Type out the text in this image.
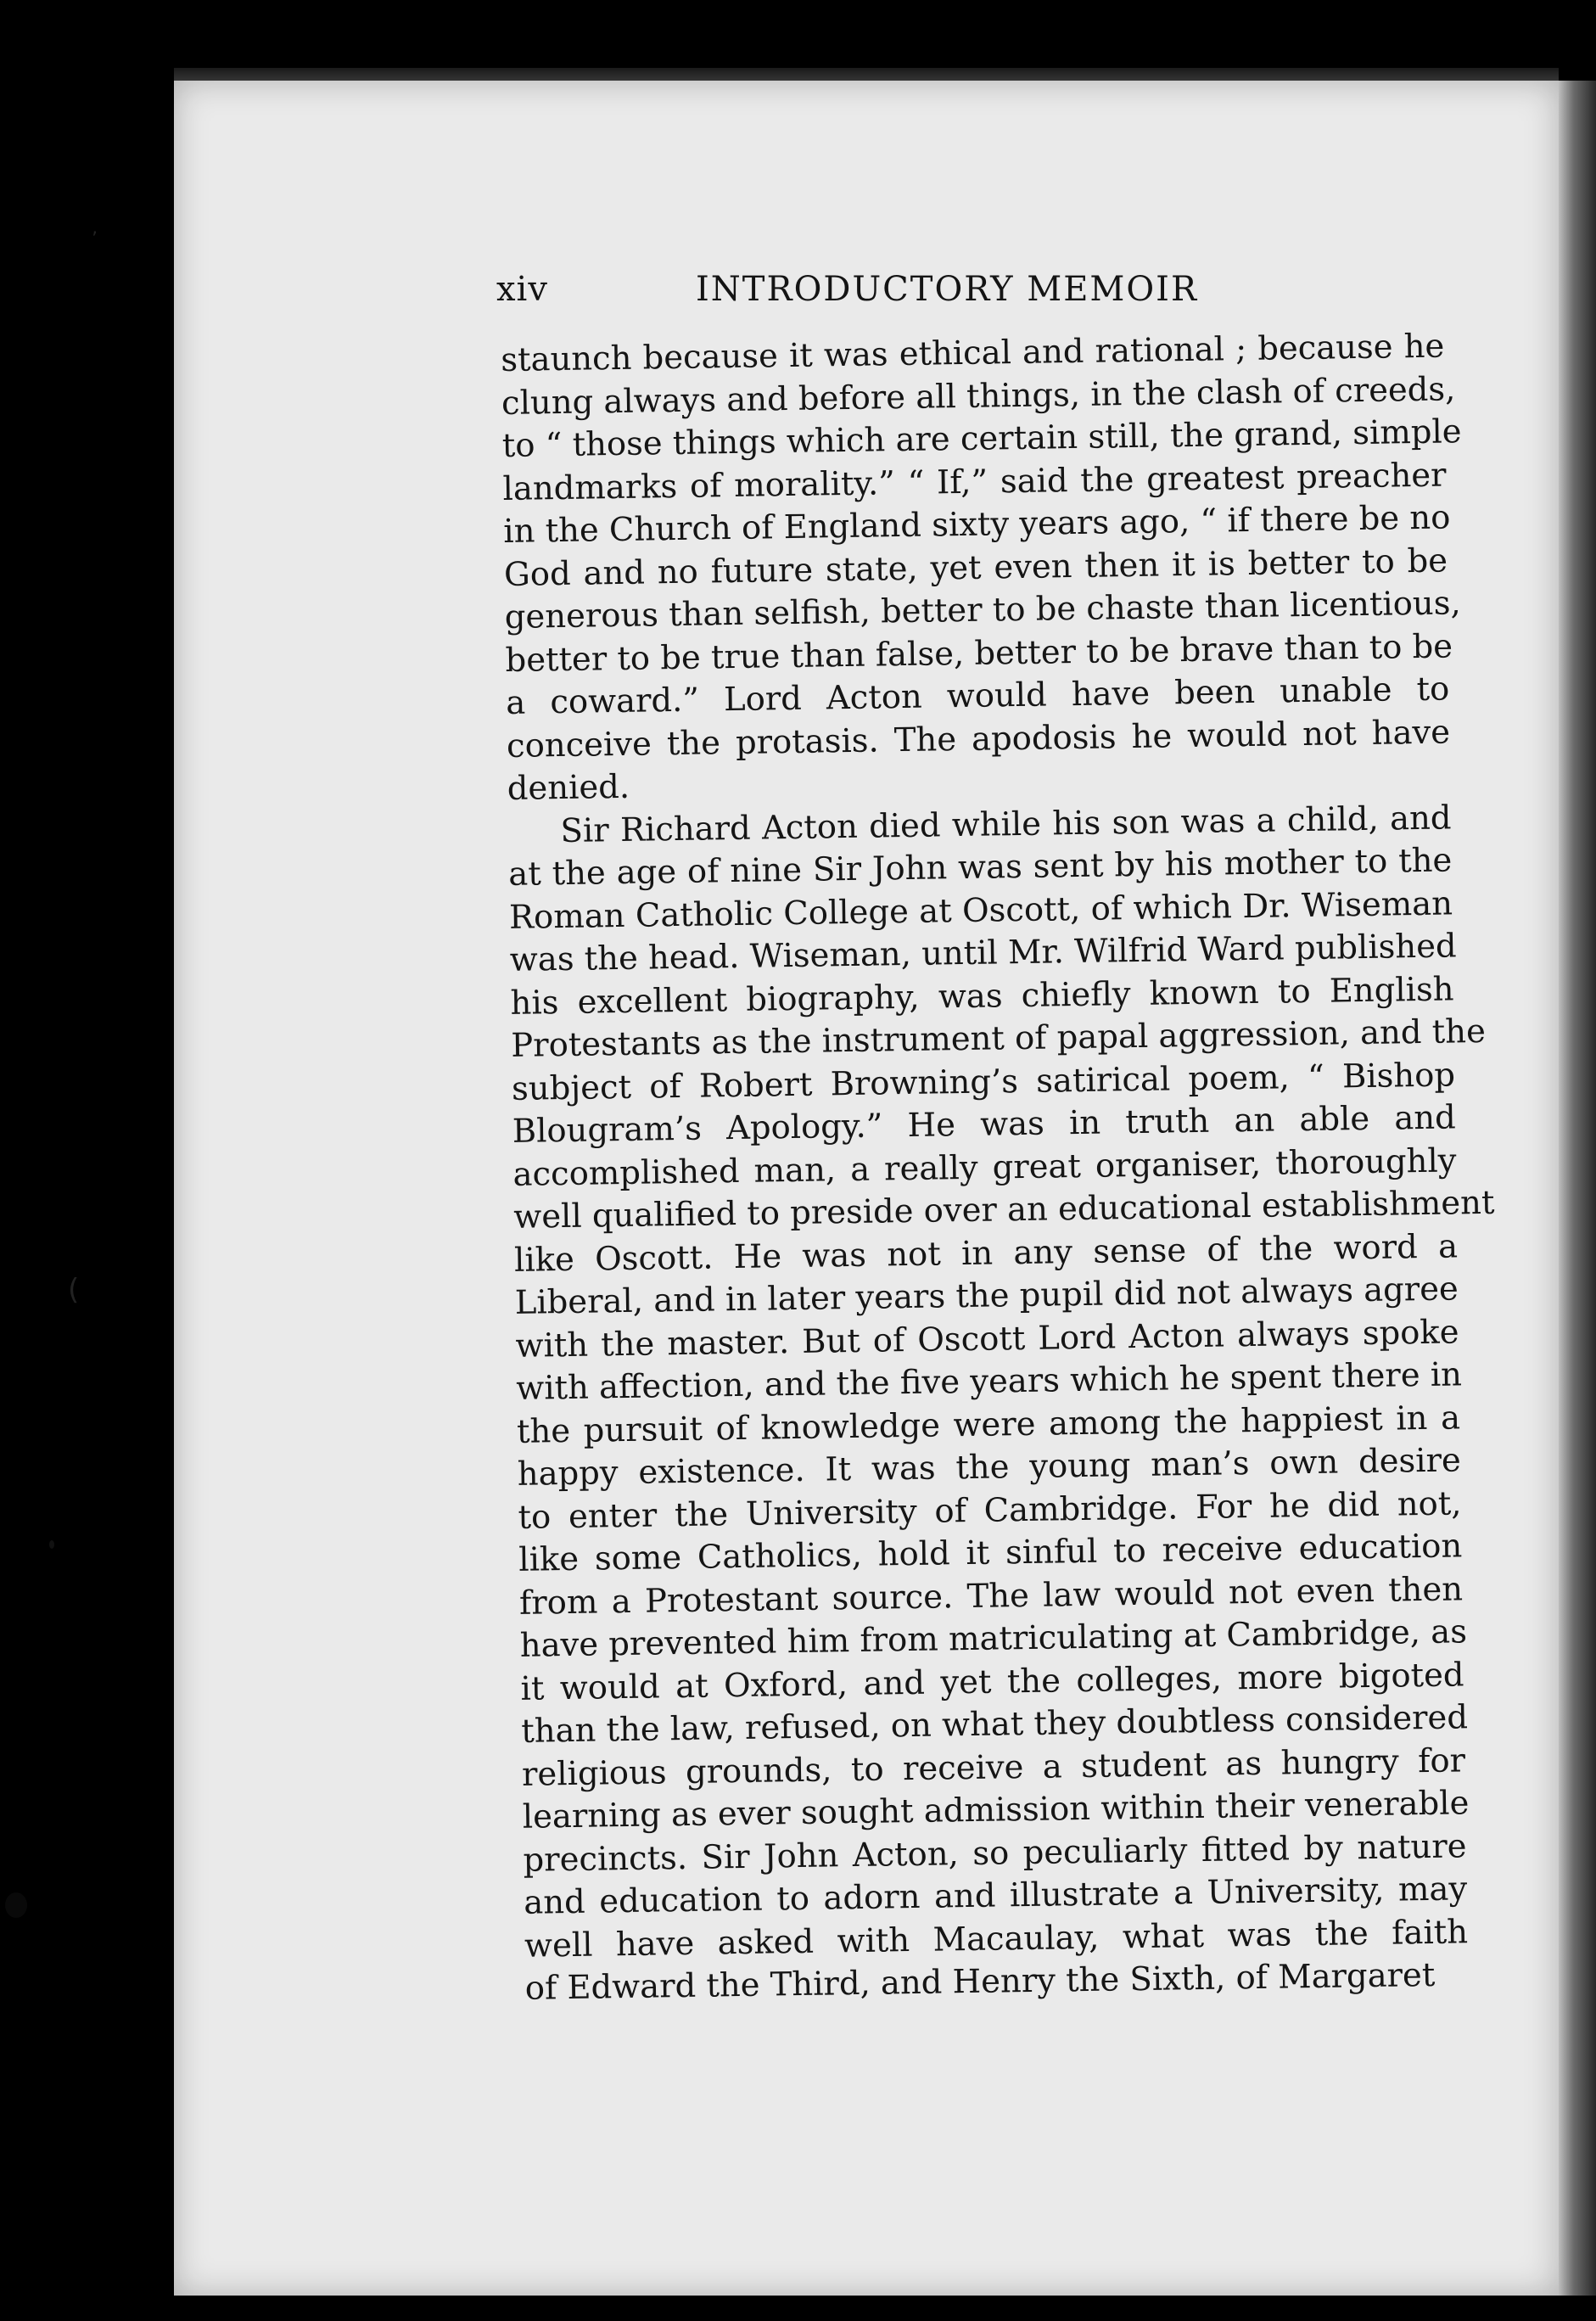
’
(
xiv	INTRODUCTORY MEMOIR
staunch because it was ethical and rational ; because he
clung always and before all things, in the clash of creeds,
to “ those things which are certain still, the grand, simple
landmarks of morality.” “ If,” said the greatest preacher
in the Church of England sixty years ago, “ if there be no
God and no future state, yet even then it is better to be
generous than selfish, better to be chaste than licentious,
better to be true than false, better to be brave than to be
a coward.” Lord Acton would have been unable to
conceive the protasis. The apodosis he would not have
denied.
Sir Richard Acton died while his son was a child, and
at the age of nine Sir John was sent by his mother to the
Roman Catholic College at Oscott, of which Dr. Wiseman
was the head. Wiseman, until Mr. Wilfrid Ward published
his excellent biography, was chiefly known to English
Protestants as the instrument of papal aggression, and the
subject of Robert Browning’s satirical poem, “ Bishop
Blougram’s Apology.” He was in truth an able and
accomplished man, a really great organiser, thoroughly
well qualified to preside over an educational establishment
like Oscott. He was not in any sense of the word a
Liberal, and in later years the pupil did not always agree
with the master. But of Oscott Lord Acton always spoke
with affection, and the five years which he spent there in
the pursuit of knowledge were among the happiest in a
happy existence. It was the young man’s own desire
to enter the University of Cambridge. For he did not,
like some Catholics, hold it sinful to receive education
from a Protestant source. The law would not even then
have prevented him from matriculating at Cambridge, as
it would at Oxford, and yet the colleges, more bigoted
than the law, refused, on what they doubtless considered
religious grounds, to receive a student as hungry for
learning as ever sought admission within their venerable
precincts. Sir John Acton, so peculiarly fitted by nature
and education to adorn and illustrate a University, may
well have asked with Macaulay, what was the faith
of Edward the Third, and Henry the Sixth, of Margaret
